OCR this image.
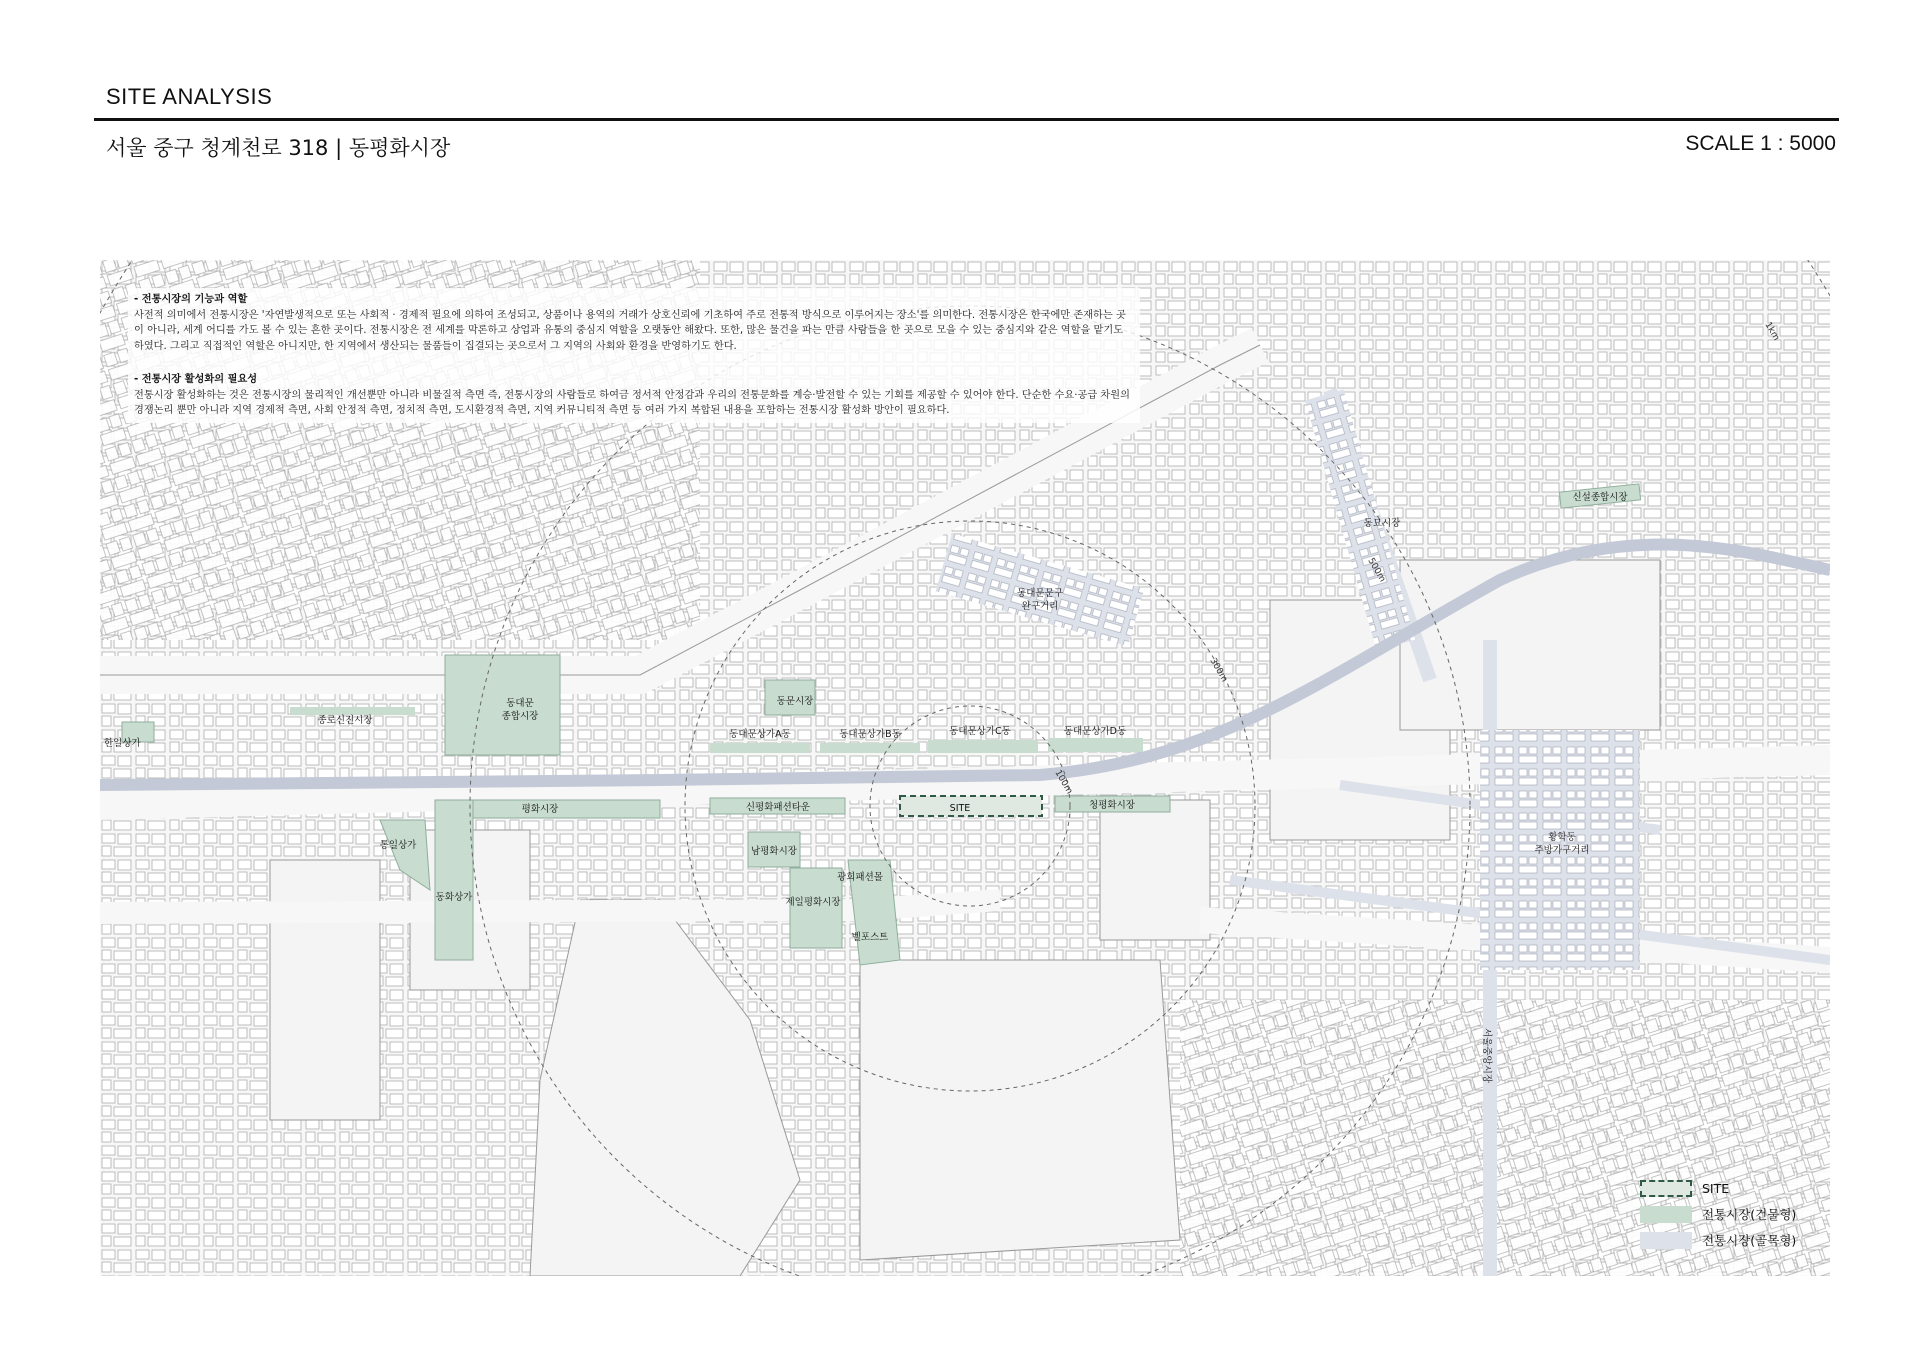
SITE ANALYSIS
서울 중구 청계천로 318 | 동평화시장	SCALE 1 : 5000
100m
300m
500m
1km
SITE
한일상가
종로신진시장
동대문
종합시장
동문시장
동대문상가A동	동대문상가B동	동대문상가C동	동대문상가D동
평화시장	신평화패션타운	청평화시장
통일상가
동화상가
남평화시장
광희패션몰
제일평화시장
벨포스트
신설종합시장
동묘시장
동대문문구
완구거리
황학동
주방가구거리
서울중앙시장

- 전통시장의 기능과 역할
사전적 의미에서 전통시장은 '자연발생적으로 또는 사회적 · 경제적 필요에 의하여 조성되고, 상품이나 용역의 거래가 상호신뢰에 기초하여 주로 전통적 방식으로 이루어지는 장소'를 의미한다. 전통시장은 한국에만 존재하는 곳이 아니라, 세계 어디를 가도 볼 수 있는 흔한 곳이다. 전통시장은 전 세계를 막론하고 상업과 유통의 중심지 역할을 오랫동안 해왔다. 또한, 많은 물건을 파는 만큼 사람들을 한 곳으로 모을 수 있는 중심지와 같은 역할을 맡기도 하였다. 그리고 직접적인 역할은 아니지만, 한 지역에서 생산되는 물품들이 집결되는 곳으로서 그 지역의 사회와 환경을 반영하기도 한다.

- 전통시장 활성화의 필요성
전통시장 활성화하는 것은 전통시장의 물리적인 개선뿐만 아니라 비물질적 측면 즉, 전통시장의 사람들로 하여금 정서적 안정감과 우리의 전통문화를 계승·발전할 수 있는 기회를 제공할 수 있어야 한다. 단순한 수요·공급 차원의 경쟁논리 뿐만 아니라 지역 경제적 측면, 사회 안정적 측면, 정치적 측면, 도시환경적 측면, 지역 커뮤니티적 측면 등 여러 가지 복합된 내용을 포함하는 전통시장 활성화 방안이 필요하다.

SITE
전통시장(건물형)
전통시장(골목형)
